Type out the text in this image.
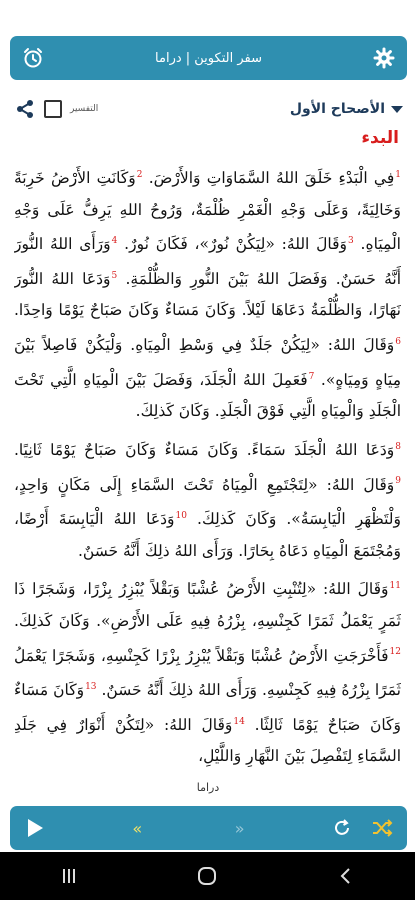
سفر التكوين | دراما
الأصحاح الأول
التفسير
البدء
$^1$فِي الْبَدْءِ خَلَقَ اللهُ السَّمَاوَاتِ وَالأَرْضَ. $^2$وَكَانَتِ الأَرْضُ خَرِبَةً وَخَالِيَةً، وَعَلَى وَجْهِ الْغَمْرِ ظُلْمَةٌ، وَرُوحُ اللهِ يَرِفُّ عَلَى وَجْهِ الْمِيَاهِ. $^3$وَقَالَ اللهُ: «لِيَكُنْ نُورٌ»، فَكَانَ نُورٌ. $^4$وَرَأَى اللهُ النُّورَ أَنَّهُ حَسَنٌ. وَفَصَلَ اللهُ بَيْنَ النُّورِ وَالظُّلْمَةِ. $^5$وَدَعَا اللهُ النُّورَ نَهَارًا، وَالظُّلْمَةُ دَعَاهَا لَيْلاً. وَكَانَ مَسَاءٌ وَكَانَ صَبَاحٌ يَوْمًا وَاحِدًا. $^6$وَقَالَ اللهُ: «لِيَكُنْ جَلَدٌ فِي وَسْطِ الْمِيَاهِ. وَلْيَكُنْ فَاصِلاً بَيْنَ مِيَاهٍ وَمِيَاهٍ». $^7$فَعَمِلَ اللهُ الْجَلَدَ، وَفَصَلَ بَيْنَ الْمِيَاهِ الَّتِي تَحْتَ الْجَلَدِ وَالْمِيَاهِ الَّتِي فَوْقَ الْجَلَدِ. وَكَانَ كَذلِكَ.
$^8$وَدَعَا اللهُ الْجَلَدَ سَمَاءً. وَكَانَ مَسَاءٌ وَكَانَ صَبَاحٌ يَوْمًا ثَانِيًا. $^9$وَقَالَ اللهُ: «لِتَجْتَمِعِ الْمِيَاهُ تَحْتَ السَّمَاءِ إِلَى مَكَانٍ وَاحِدٍ، وَلْتَظْهَرِ الْيَابِسَةُ». وَكَانَ كَذلِكَ. $^{10}$وَدَعَا اللهُ الْيَابِسَةَ أَرْضًا، وَمُجْتَمَعَ الْمِيَاهِ دَعَاهُ بِحَارًا. وَرَأَى اللهُ ذلِكَ أَنَّهُ حَسَنٌ.
$^{11}$وَقَالَ اللهُ: «لِتُنْبِتِ الأَرْضُ عُشْبًا وَبَقْلاً يُبْزِرُ بِزْرًا، وَشَجَرًا ذَا ثَمَرٍ يَعْمَلُ ثَمَرًا كَجِنْسِهِ، بِزْرُهُ فِيهِ عَلَى الأَرْضِ». وَكَانَ كَذلِكَ. $^{12}$فَأَخْرَجَتِ الأَرْضُ عُشْبًا وَبَقْلاً يُبْزِرُ بِزْرًا كَجِنْسِهِ، وَشَجَرًا يَعْمَلُ ثَمَرًا بِزْرُهُ فِيهِ كَجِنْسِهِ. وَرَأَى اللهُ ذلِكَ أَنَّهُ حَسَنٌ. $^{13}$وَكَانَ مَسَاءٌ وَكَانَ صَبَاحٌ يَوْمًا ثَالِثًا. $^{14}$وَقَالَ اللهُ: «لِتَكُنْ أَنْوَارٌ فِي جَلَدِ السَّمَاءِ لِتَفْصِلَ بَيْنَ النَّهَارِ وَاللَّيْلِ،
دراما
«	»
